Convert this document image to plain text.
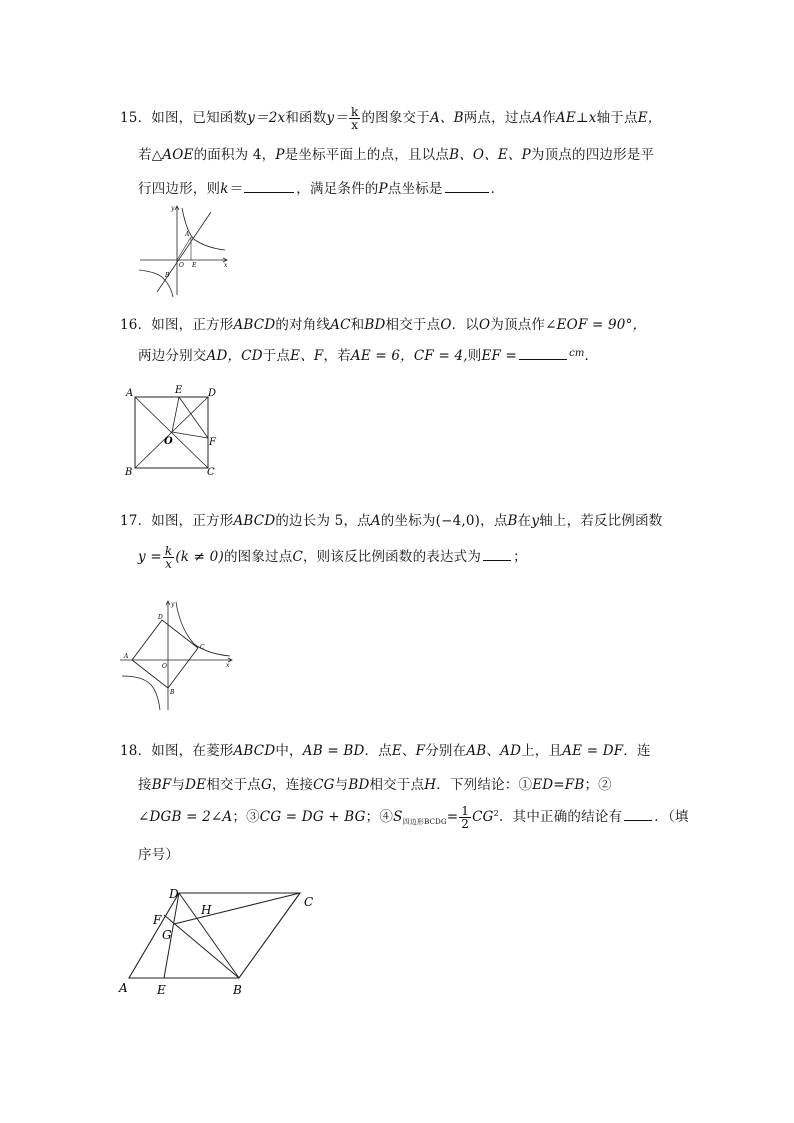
15．如图，已知函数y＝2x和函数$y= \frac{k}{x}$ 的图象交于A、B两点，过点A作AE⊥x轴于点E，
若△AOE的面积为 4，P是坐标平面上的点，且以点B、O、E、P为顶点的四边形是平
行四边形，则k＝	，满足条件的P点坐标是	．
y
A
O E	x
B
16．如图，正方形ABCD的对角线AC和BD相交于点O．以O为顶点作∠EOF = 90°，
两边分别交AD，CD于点E、F，若AE = 6，CF = 4,则EF =	$^{cm}$．
A	E	D
O	F
B	C
17．如图，正方形ABCD的边长为 5，点A的坐标为(−4,0)，点B在y轴上，若反比例函数
$y = \frac{k}{x} (k \ne 0)$的图象过点C，则该反比例函数的表达式为 ；
y
D
C
A
O	x
B
18．如图，在菱形ABCD中，AB = BD．点E、F分别在AB、AD上，且AE = DF．连
接BF与DE相交于点G，连接CG与BD相交于点H．下列结论：①ED=FB；②
∠DGB = 2∠A；③CG = DG + BG；$④S_{四边形BCDG}= \frac{1}{2} CG^2$．其中正确的结论有 ．（填
序号）
D
C
H
F
G
A E	B
